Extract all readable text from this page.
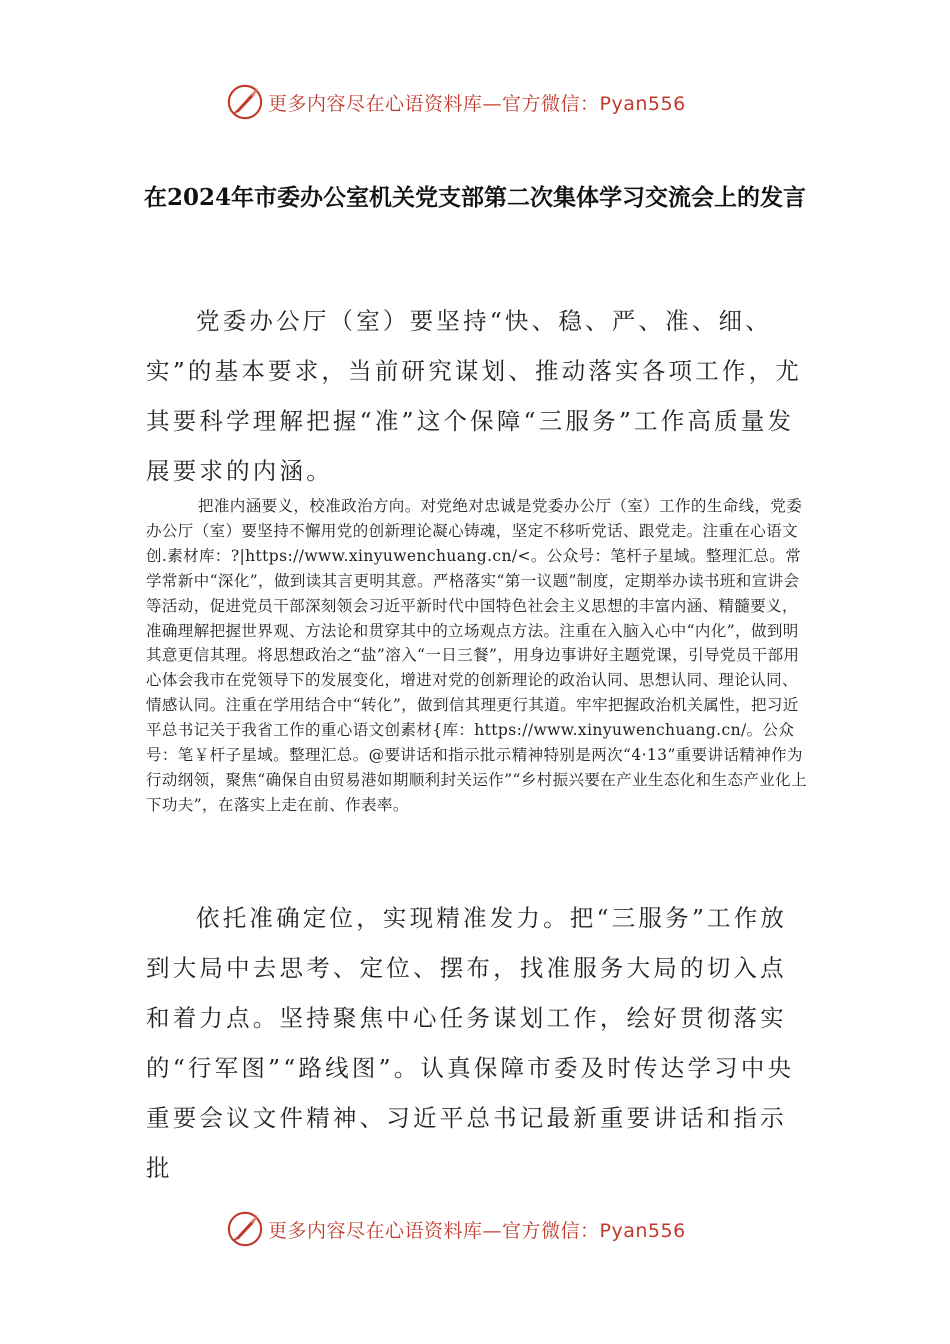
更多内容尽在心语资料库—官方微信：Pyan556
在2024年市委办公室机关党支部第二次集体学习交流会上的发言

党委办公厅（室）要坚持“快、稳、严、准、细、实”的基本要求，当前研究谋划、推动落实各项工作，尤其要科学理解把握“准”这个保障“三服务”工作高质量发展要求的内涵。

把准内涵要义，校准政治方向。对党绝对忠诚是党委办公厅（室）工作的生命线，党委办公厅（室）要坚持不懈用党的创新理论凝心铸魂，坚定不移听党话、跟党走。注重在心语文创.素材库：?|https://www.xinyuwenchuang.cn/<。公众号：笔杆子星域。整理汇总。常学常新中“深化”，做到读其言更明其意。严格落实“第一议题”制度，定期举办读书班和宣讲会等活动，促进党员干部深刻领会习近平新时代中国特色社会主义思想的丰富内涵、精髓要义，准确理解把握世界观、方法论和贯穿其中的立场观点方法。注重在入脑入心中“内化”，做到明其意更信其理。将思想政治之“盐”溶入“一日三餐”，用身边事讲好主题党课，引导党员干部用心体会我市在党领导下的发展变化，增进对党的创新理论的政治认同、思想认同、理论认同、情感认同。注重在学用结合中“转化”，做到信其理更行其道。牢牢把握政治机关属性，把习近平总书记关于我省工作的重心语文创素材{库：https://www.xinyuwenchuang.cn/。公众号：笔￥杆子星域。整理汇总。@要讲话和指示批示精神特别是两次“4·13”重要讲话精神作为行动纲领，聚焦“确保自由贸易港如期顺利封关运作”“乡村振兴要在产业生态化和生态产业化上下功夫”，在落实上走在前、作表率。

依托准确定位，实现精准发力。把“三服务”工作放到大局中去思考、定位、摆布，找准服务大局的切入点和着力点。坚持聚焦中心任务谋划工作，绘好贯彻落实的“行军图”“路线图”。认真保障市委及时传达学习中央重要会议文件精神、习近平总书记最新重要讲话和指示批

更多内容尽在心语资料库—官方微信：Pyan556
